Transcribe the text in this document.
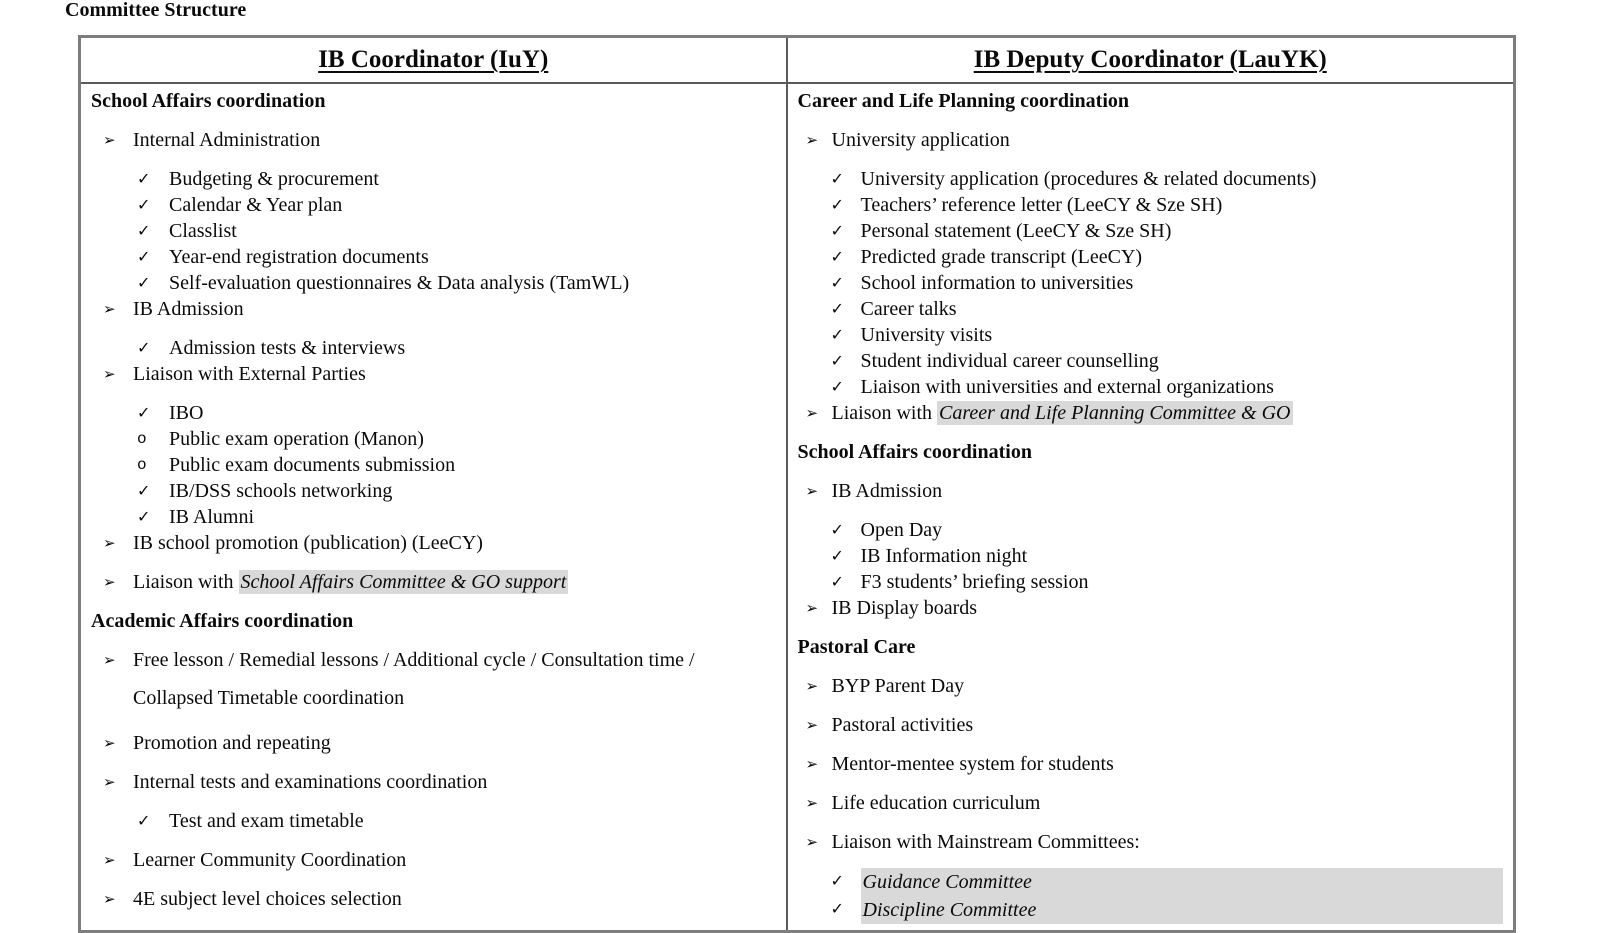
Committee Structure
IB Coordinator (IuY)	IB Deputy Coordinator (LauYK)

School Affairs coordination
➢ Internal Administration
✓ Budgeting & procurement
✓ Calendar & Year plan
✓ Classlist
✓ Year-end registration documents
✓ Self-evaluation questionnaires & Data analysis (TamWL)
➢ IB Admission
✓ Admission tests & interviews
➢ Liaison with External Parties
✓ IBO
o	Public exam operation (Manon)
o	Public exam documents submission
✓ IB/DSS schools networking
✓ IB Alumni
➢ IB school promotion (publication) (LeeCY)
➢ Liaison with School Affairs Committee & GO support
Academic Affairs coordination
➢ Free lesson / Remedial lessons / Additional cycle / Consultation time / Collapsed Timetable coordination
➢ Promotion and repeating
➢ Internal tests and examinations coordination
✓ Test and exam timetable
➢ Learner Community Coordination
➢ 4E subject level choices selection

Career and Life Planning coordination
➢ University application
✓ University application (procedures & related documents)
✓ Teachers’ reference letter (LeeCY & Sze SH)
✓ Personal statement (LeeCY & Sze SH)
✓ Predicted grade transcript (LeeCY)
✓ School information to universities
✓ Career talks
✓ University visits
✓ Student individual career counselling
✓ Liaison with universities and external organizations
➢ Liaison with Career and Life Planning Committee & GO
School Affairs coordination
➢ IB Admission
✓ Open Day
✓ IB Information night
✓ F3 students’ briefing session
➢ IB Display boards
Pastoral Care
➢ BYP Parent Day
➢ Pastoral activities
➢ Mentor-mentee system for students
➢ Life education curriculum
➢ Liaison with Mainstream Committees:
✓ Guidance Committee
✓ Discipline Committee
